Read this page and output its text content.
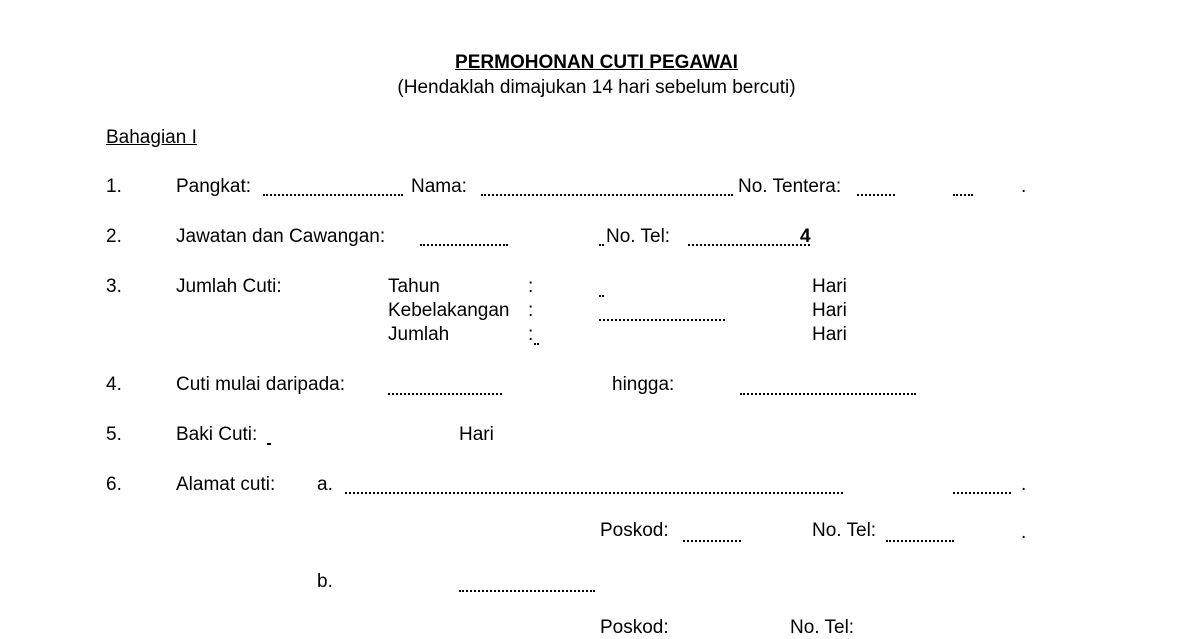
PERMOHONAN CUTI PEGAWAI
(Hendaklah dimajukan 14 hari sebelum bercuti)
Bahagian I
1.	Pangkat:	Nama:	No. Tentera:	.
2.	Jawatan dan Cawangan:	No. Tel:	4
3.	Jumlah Cuti:	Tahun	:	Hari
Kebelakangan :	Hari
Jumlah	:	Hari
4.	Cuti mulai daripada:	hingga:
5.	Baki Cuti:	Hari
6.	Alamat cuti: a.	.
Poskod:	No. Tel:	.
b.
Poskod:	No. Tel:
